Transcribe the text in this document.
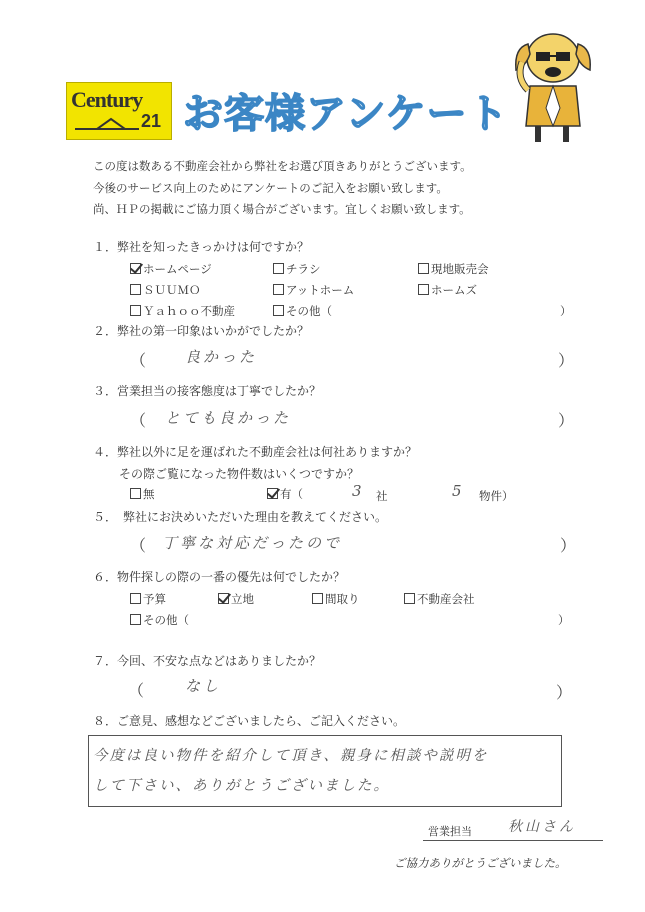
Century
21 お客様アンケート
この度は数ある不動産会社から弊社をお選び頂きありがとうございます。
今後のサービス向上のためにアンケートのご記入をお願い致します。
尚、ＨＰの掲載にご協力頂く場合がございます。宜しくお願い致します。
１．弊社を知ったきっかけは何ですか？
ホームページ	チラシ	現地販売会
ＳＵＵＭＯ	アットホーム	ホームズ
Ｙａｈｏｏ不動産	その他（	）
２．弊社の第一印象はいかがでしたか？
（	良かった	）
３．営業担当の接客態度は丁寧でしたか？
（ とても良かった	）
４．弊社以外に足を運ばれた不動産会社は何社ありますか？
その際ご覧になった物件数はいくつですか？
無	有（	3 社	5 物件）
５．　弊社にお決めいただいた理由を教えてください。
（ 丁寧な対応だったので	）
６．物件探しの際の一番の優先は何でしたか？
予算	立地	間取り	不動産会社
その他（	）
７．今回、不安な点などはありましたか？
（	なし	）
８．ご意見、感想などございましたら、ご記入ください。
今度は良い物件を紹介して頂き、親身に相談や説明を
して下さい、ありがとうございました。
営業担当	秋山さん
ご協力ありがとうございました。
